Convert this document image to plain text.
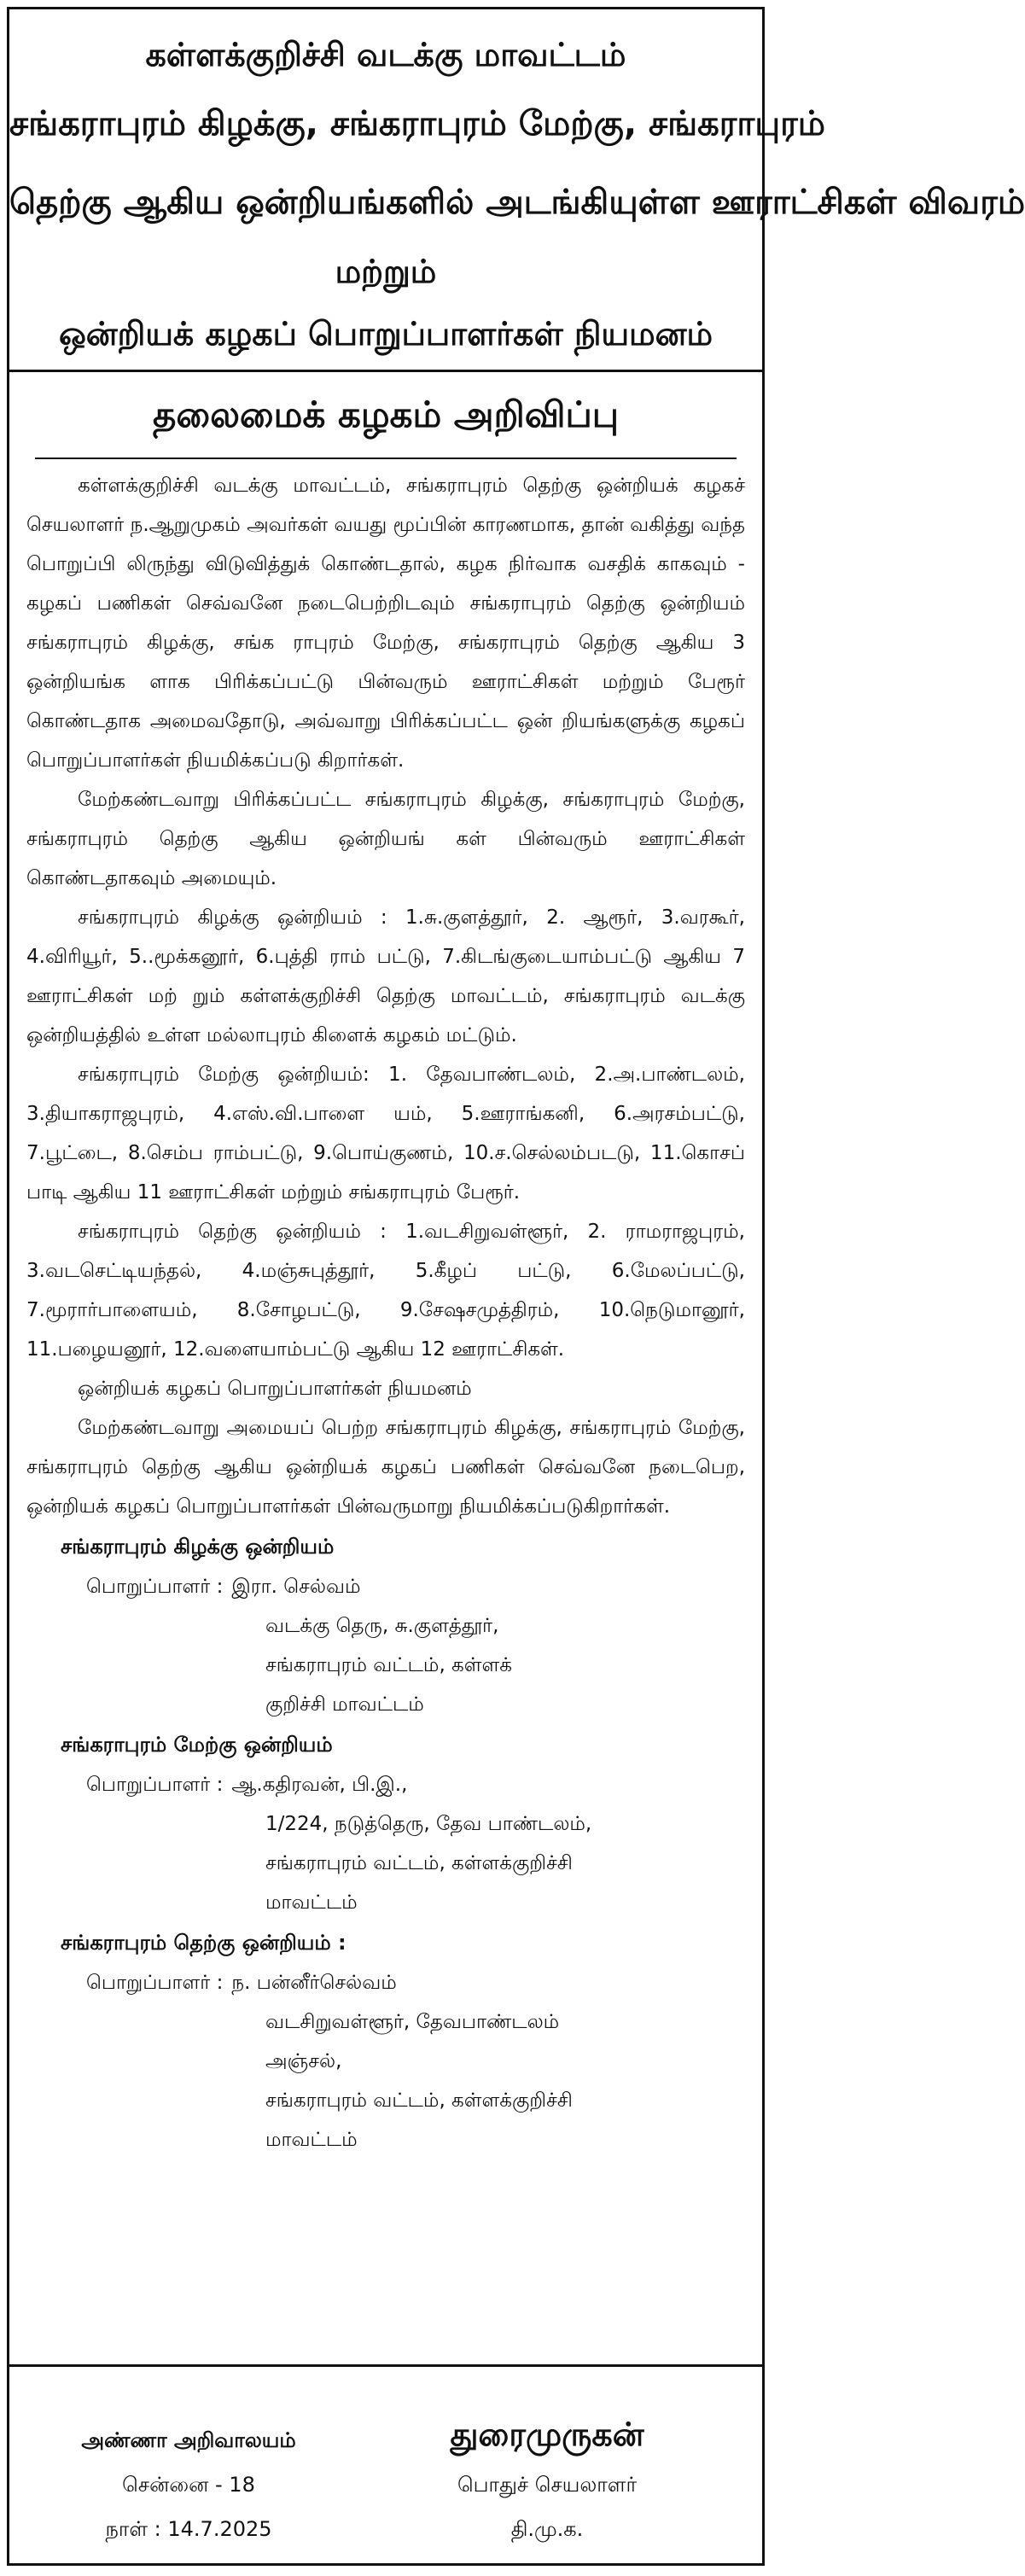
கள்ளக்குறிச்சி வடக்கு மாவட்டம்
சங்கராபுரம் கிழக்கு, சங்கராபுரம் மேற்கு, சங்கராபுரம்
தெற்கு ஆகிய ஒன்றியங்களில் அடங்கியுள்ள ஊராட்சிகள் விவரம்
மற்றும்
ஒன்றியக் கழகப் பொறுப்பாளர்கள் நியமனம்
தலைமைக் கழகம் அறிவிப்பு

கள்ளக்குறிச்சி வடக்கு மாவட்டம், சங்கராபுரம் தெற்கு ஒன்றியக் கழகச் செயலாளர் ந.ஆறுமுகம் அவர்கள் வயது மூப்பின் காரணமாக, தான் வகித்து வந்த பொறுப்பி லிருந்து விடுவித்துக் கொண்டதால், கழக நிர்வாக வசதிக் காகவும் - கழகப் பணிகள் செவ்வனே நடைபெற்றிடவும் சங்கராபுரம் தெற்கு ஒன்றியம் சங்கராபுரம் கிழக்கு, சங்க ராபுரம் மேற்கு, சங்கராபுரம் தெற்கு ஆகிய 3 ஒன்றியங்க ளாக பிரிக்கப்பட்டு பின்வரும் ஊராட்சிகள் மற்றும் பேரூர் கொண்டதாக அமைவதோடு, அவ்வாறு பிரிக்கப்பட்ட ஒன் றியங்களுக்கு கழகப் பொறுப்பாளர்கள் நியமிக்கப்படு கிறார்கள்.

மேற்கண்டவாறு பிரிக்கப்பட்ட சங்கராபுரம் கிழக்கு, சங்கராபுரம் மேற்கு, சங்கராபுரம் தெற்கு ஆகிய ஒன்றியங் கள் பின்வரும் ஊராட்சிகள் கொண்டதாகவும் அமையும்.

சங்கராபுரம் கிழக்கு ஒன்றியம் : 1.சு.குளத்தூர், 2. ஆரூர், 3.வரகூர், 4.விரியூர், 5..மூக்கனூர், 6.புத்தி ராம் பட்டு, 7.கிடங்குடையாம்பட்டு ஆகிய 7 ஊராட்சிகள் மற் றும் கள்ளக்குறிச்சி தெற்கு மாவட்டம், சங்கராபுரம் வடக்கு ஒன்றியத்தில் உள்ள மல்லாபுரம் கிளைக் கழகம் மட்டும்.

சங்கராபுரம் மேற்கு ஒன்றியம்: 1. தேவபாண்டலம், 2.அ.பாண்டலம், 3.தியாகராஜபுரம், 4.எஸ்.வி.பாளை யம், 5.ஊராங்கனி, 6.அரசம்பட்டு, 7.பூட்டை, 8.செம்ப ராம்பட்டு, 9.பொய்குணம், 10.ச.செல்லம்படடு, 11.கொசப் பாடி ஆகிய 11 ஊராட்சிகள் மற்றும் சங்கராபுரம் பேரூர்.

சங்கராபுரம் தெற்கு ஒன்றியம் : 1.வடசிறுவள்ளூர், 2. ராமராஜபுரம், 3.வடசெட்டியந்தல், 4.மஞ்சுபுத்தூர், 5.கீழப் பட்டு, 6.மேலப்பட்டு, 7.மூரார்பாளையம், 8.சோழபட்டு, 9.சேஷசமுத்திரம், 10.நெடுமானூர், 11.பழையனூர், 12.வளையாம்பட்டு ஆகிய 12 ஊராட்சிகள்.

ஒன்றியக் கழகப் பொறுப்பாளர்கள் நியமனம்

மேற்கண்டவாறு அமையப் பெற்ற சங்கராபுரம் கிழக்கு, சங்கராபுரம் மேற்கு, சங்கராபுரம் தெற்கு ஆகிய ஒன்றியக் கழகப் பணிகள் செவ்வனே நடைபெற, ஒன்றியக் கழகப் பொறுப்பாளர்கள் பின்வருமாறு நியமிக்கப்படுகிறார்கள்.

சங்கராபுரம் கிழக்கு ஒன்றியம்

பொறுப்பாளர் : இரா. செல்வம்

வடக்கு தெரு, சு.குளத்தூர்,

சங்கராபுரம் வட்டம், கள்ளக்

குறிச்சி மாவட்டம்

சங்கராபுரம் மேற்கு ஒன்றியம்

பொறுப்பாளர் : ஆ.கதிரவன், பி.இ.,

1/224, நடுத்தெரு, தேவ பாண்டலம்,

சங்கராபுரம் வட்டம், கள்ளக்குறிச்சி

மாவட்டம்

சங்கராபுரம் தெற்கு ஒன்றியம் :

பொறுப்பாளர் : ந. பன்னீர்செல்வம்

வடசிறுவள்ளூர், தேவபாண்டலம்

அஞ்சல்,

சங்கராபுரம் வட்டம், கள்ளக்குறிச்சி

மாவட்டம்

அண்ணா அறிவாலயம்
சென்னை - 18
நாள் : 14.7.2025
துரைமுருகன்
பொதுச் செயலாளர்
தி.மு.க.
